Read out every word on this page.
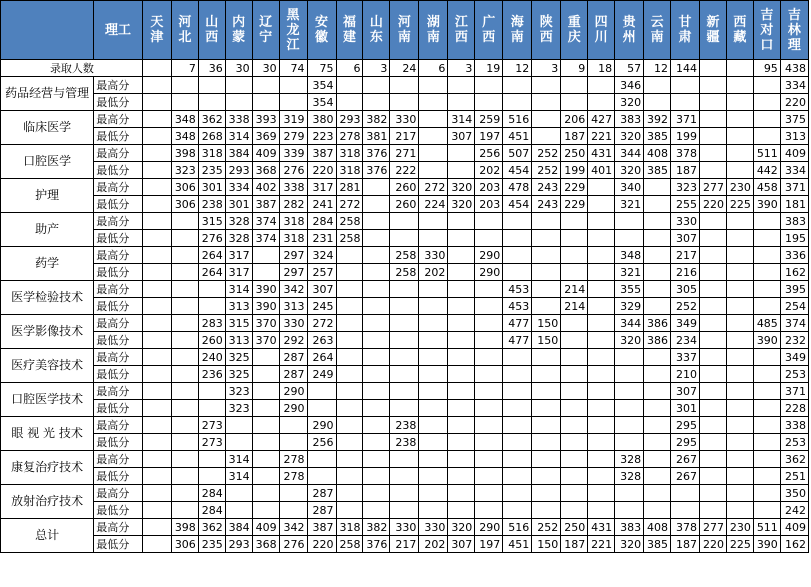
	理工	天津	河北	山西	内蒙	辽宁	黑龙江	安徽	福建	山东	河南	湖南	江西	广西	海南	陕西	重庆	四川	贵州	云南	甘肃	新疆	西藏	吉对口	吉林理
录取人数			7	36	30	30	74	75	6	3	24	6	3	19	12	3	9	18	57	12	144			95	438
药品经营与管理	最高分							354											346						334
	最低分							354											320						220
临床医学	最高分		348	362	338	393	319	380	293	382	330		314	259	516		206	427	383	392	371				375
	最低分		348	268	314	369	279	223	278	381	217		307	197	451		187	221	320	385	199				313
口腔医学	最高分		398	318	384	409	339	387	318	376	271			256	507	252	250	431	344	408	378			511	409
	最低分		323	235	293	368	276	220	318	376	222			202	454	252	199	401	320	385	187			442	334
护理	最高分		306	301	334	402	338	317	281		260	272	320	203	478	243	229		340		323	277	230	458	371
	最低分		306	238	301	387	282	241	272		260	224	320	203	454	243	229		321		255	220	225	390	181
助产	最高分			315	328	374	318	284	258												330				383
	最低分			276	328	374	318	231	258												307				195
药学	最高分			264	317		297	324			258	330		290					348		217				336
	最低分			264	317		297	257			258	202		290					321		216				162
医学检验技术	最高分				314	390	342	307							453		214		355		305				395
	最低分				313	390	313	245							453		214		329		252				254
医学影像技术	最高分			283	315	370	330	272							477	150			344	386	349			485	374
	最低分			260	313	370	292	263							477	150			320	386	234			390	232
医疗美容技术	最高分			240	325		287	264													337				349
	最低分			236	325		287	249													210				253
口腔医学技术	最高分				323		290														307				371
	最低分				323		290														301				228
眼 视 光 技术	最高分			273				290			238										295				338
	最低分			273				256			238										295				253
康复治疗技术	最高分				314		278												328		267				362
	最低分				314		278												328		267				251
放射治疗技术	最高分			284				287																	350
	最低分			284				287																	242
总计	最高分		398	362	384	409	342	387	318	382	330	330	320	290	516	252	250	431	383	408	378	277	230	511	409
	最低分		306	235	293	368	276	220	258	376	217	202	307	197	451	150	187	221	320	385	187	220	225	390	162
